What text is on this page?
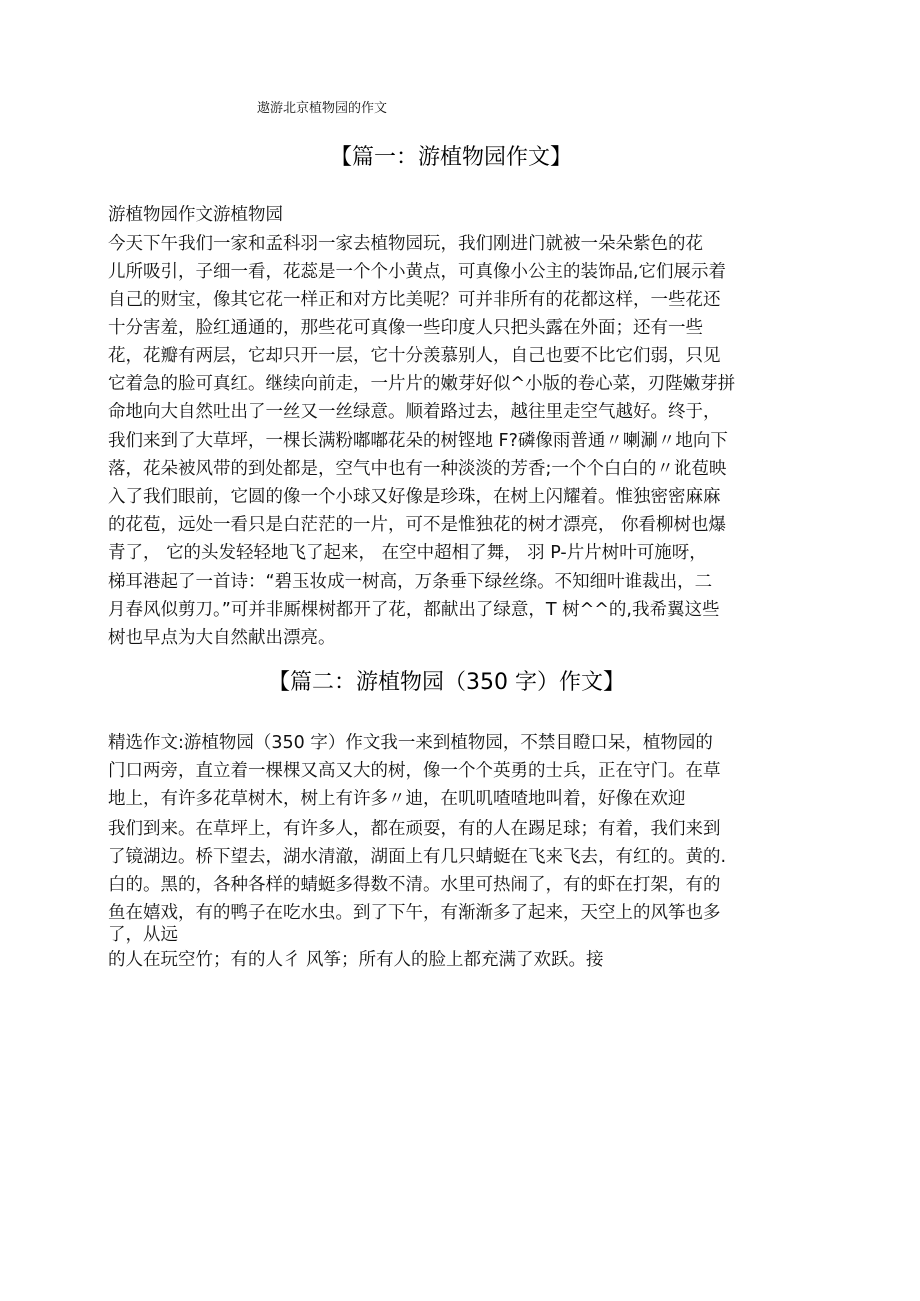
遨游北京植物园的作文
【篇一：游植物园作文】
游植物园作文游植物园
今天下午我们一家和孟科羽一家去植物园玩，我们刚进门就被一朵朵紫色的花
儿所吸引，子细一看，花蕊是一个个小黄点，可真像小公主的装饰品,它们展示着
自己的财宝，像其它花一样正和对方比美呢？可并非所有的花都这样，一些花还
十分害羞，脸红通通的，那些花可真像一些印度人只把头露在外面；还有一些
花，花瓣有两层，它却只开一层，它十分羡慕别人，自己也要不比它们弱，只见
它着急的脸可真红。继续向前走，一片片的嫩芽好似^小版的卷心菜，刃陛嫩芽拼
命地向大自然吐出了一丝又一丝绿意。顺着路过去，越往里走空气越好。终于，
我们来到了大草坪，一棵长满粉嘟嘟花朵的树铿地 F?磷像雨普通〃喇涮〃地向下
落，花朵被风带的到处都是，空气中也有一种淡淡的芳香;一个个白白的〃讹苞映
入了我们眼前，它圆的像一个小球又好像是珍珠，在树上闪耀着。惟独密密麻麻
的花苞，远处一看只是白茫茫的一片，可不是惟独花的树才漂亮， 你看柳树也爆
青了， 它的头发轻轻地飞了起来， 在空中超相了舞， 羽 P-片片树叶可施呀，
梯耳港起了一首诗：“碧玉妆成一树高，万条垂下绿丝绦。不知细叶谁裁出，二
月春风似剪刀。”可并非厮棵树都开了花，都献出了绿意，T 树^^的,我希翼这些
树也早点为大自然献出漂亮。
【篇二：游植物园（350 字）作文】
精选作文:游植物园（350 字）作文我一来到植物园，不禁目瞪口呆，植物园的
门口两旁，直立着一棵棵又高又大的树，像一个个英勇的士兵，正在守门。在草
地上，有许多花草树木，树上有许多〃迪，在叽叽喳喳地叫着，好像在欢迎
我们到来。在草坪上，有许多人，都在顽耍，有的人在踢足球；有着，我们来到
了镜湖边。桥下望去，湖水清澈，湖面上有几只蜻蜓在飞来飞去，有红的。黄的.
白的。黑的，各种各样的蜻蜓多得数不清。水里可热闹了，有的虾在打架，有的
鱼在嬉戏，有的鸭子在吃水虫。到了下午，有渐渐多了起来，天空上的风筝也多
了，从远
的人在玩空竹；有的人彳 风筝；所有人的脸上都充满了欢跃。接
